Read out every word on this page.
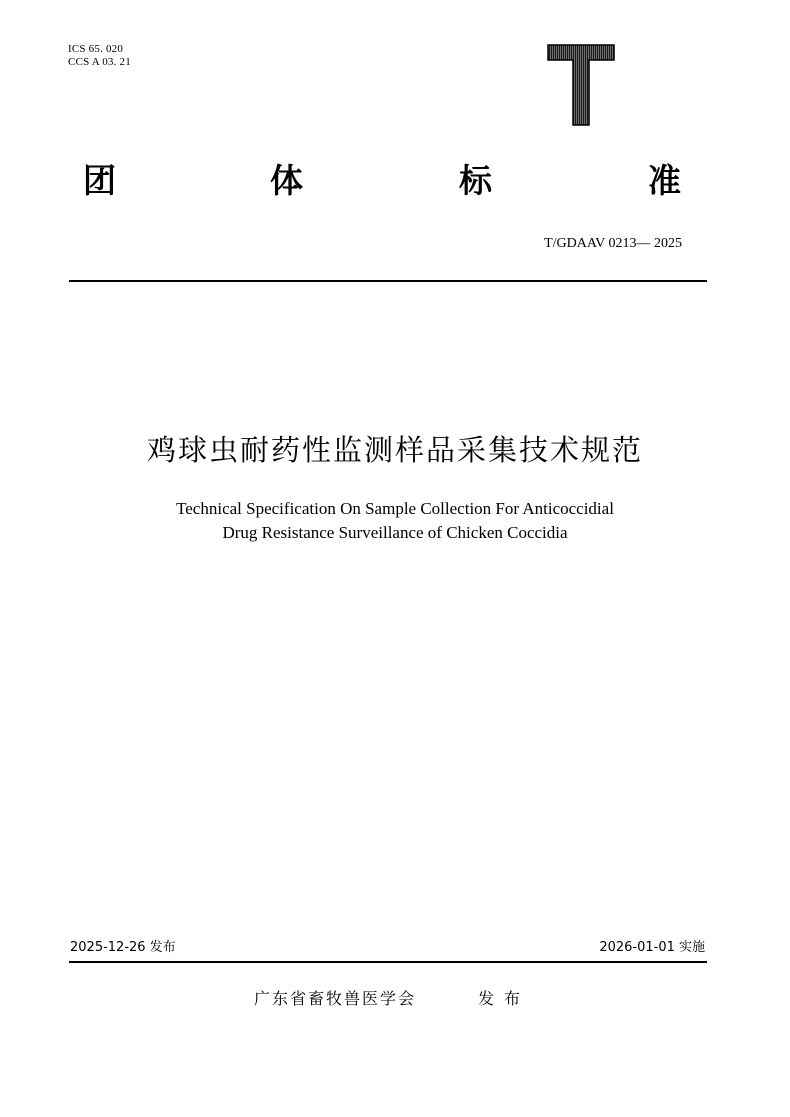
ICS 65. 020
CCS A 03. 21
团	体	标	准
T/GDAAV 0213— 2025
鸡球虫耐药性监测样品采集技术规范
Technical Specification On Sample Collection For Anticoccidial
Drug Resistance Surveillance of Chicken Coccidia
2025-12-26 发布	2026-01-01 实施
广东省畜牧兽医学会	发布
